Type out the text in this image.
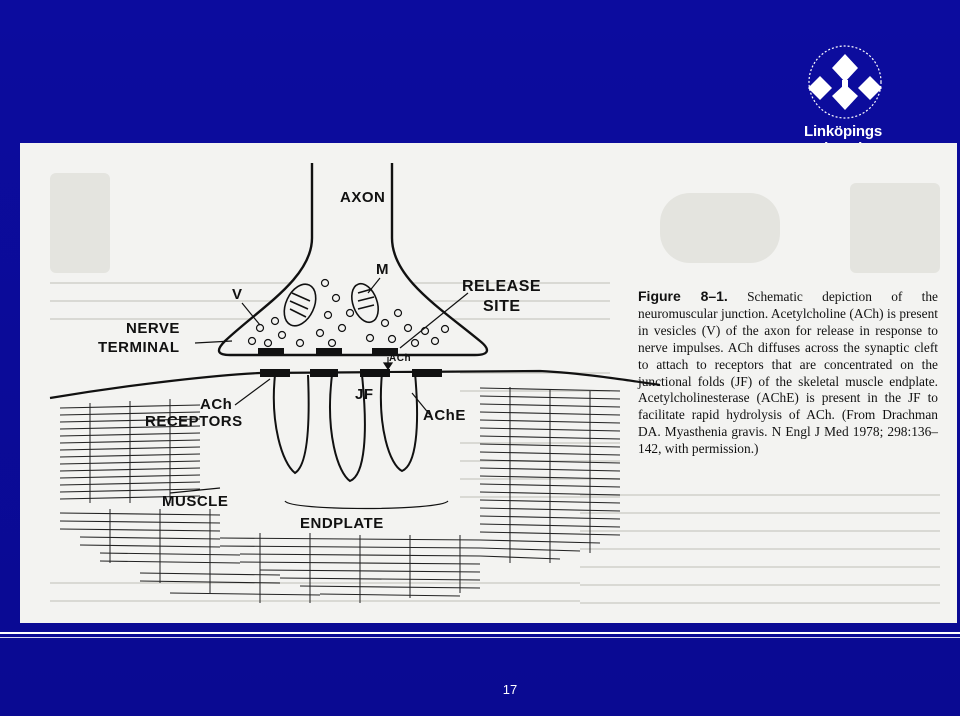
Linköpings
AXON
M
V	RELEASE
SITE
NERVE
TERMINAL
ACh
JF
ACh
RECEPTORS	AChE
MUSCLE
ENDPLATE
Figure 8–1. Schematic depiction of the neuromuscular junction. Acetylcholine (ACh) is present in vesicles (V) of the axon for release in response to nerve impulses. ACh diffuses across the synaptic cleft to attach to receptors that are concentrated on the junctional folds (JF) of the skeletal muscle endplate. Acetylcholinesterase (AChE) is present in the JF to facilitate rapid hydrolysis of ACh. (From Drachman DA. Myasthenia gravis. N Engl J Med 1978; 298:136–142, with permission.)
17
